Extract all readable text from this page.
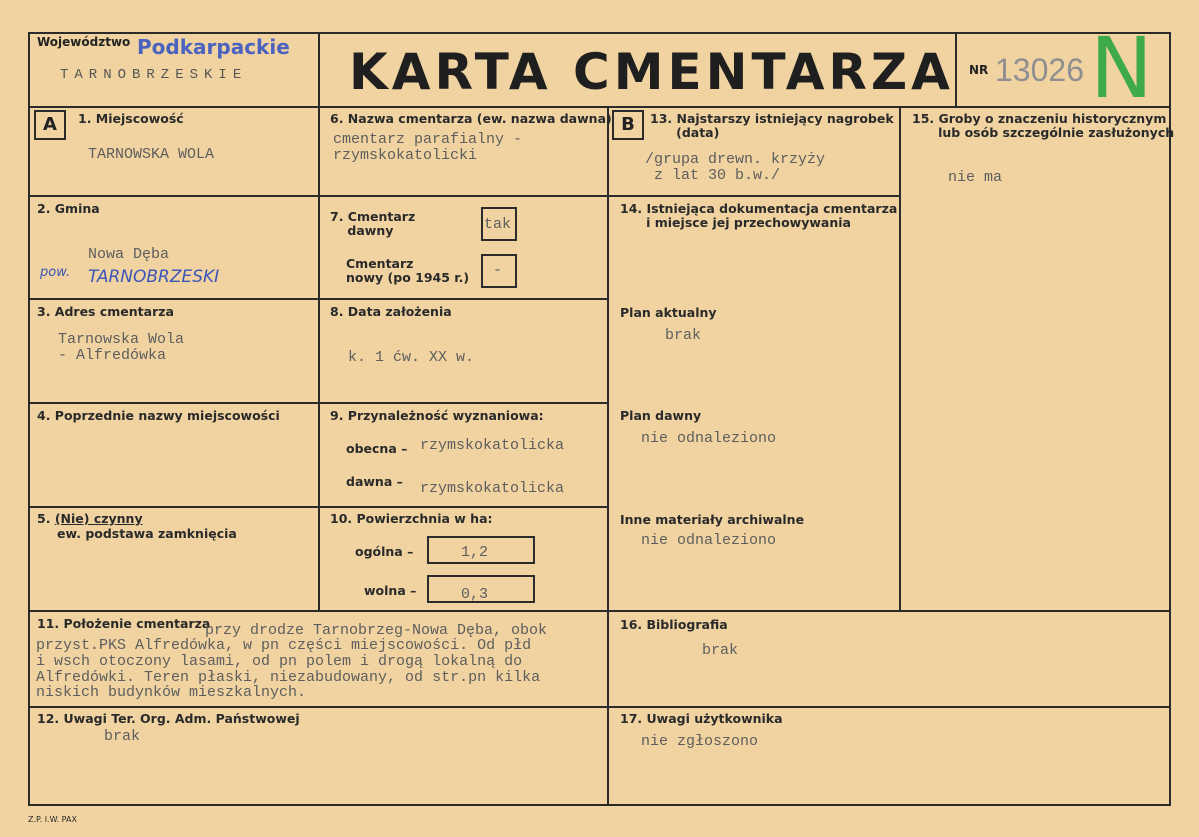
Województwo Podkarpackie
TARNOBRZESKIE KARTA CMENTARZA NR 13026 N
A	1. Miejscowość
TARNOWSKA WOLA
2. Gmina
Nowa Dęba
pow. TARNOBRZESKI
3. Adres cmentarza
Tarnowska Wola
- Alfredówka
4. Poprzednie nazwy miejscowości
5. (Nie) czynny
ew. podstawa zamknięcia
6. Nazwa cmentarza (ew. nazwa dawna)
cmentarz parafialny -
rzymskokatolicki
7. Cmentarz
dawny	tak
Cmentarz
nowy (po 1945 r.) -
8. Data założenia
k. 1 ćw. XX w.
9. Przynależność wyznaniowa:
obecna – rzymskokatolicka
dawna – rzymskokatolicka
10. Powierzchnia w ha:
ogólna –	1,2
wolna –	0,3
B	13. Najstarszy istniejący nagrobek
(data)
/grupa drewn. krzyży
z lat 30 b.w./
14. Istniejąca dokumentacja cmentarza
i miejsce jej przechowywania
Plan aktualny
brak
Plan dawny
nie odnaleziono
Inne materiały archiwalne
nie odnaleziono
15. Groby o znaczeniu historycznym
lub osób szczególnie zasłużonych
nie ma
11. Położenie cmentarza
przy drodze Tarnobrzeg-Nowa Dęba, obok
przyst.PKS Alfredówka, w pn części miejscowości. Od płd
i wsch otoczony lasami, od pn polem i drogą lokalną do
Alfredówki. Teren płaski, niezabudowany, od str.pn kilka
niskich budynków mieszkalnych.
16. Bibliografia
brak
12. Uwagi Ter. Org. Adm. Państwowej
brak
17. Uwagi użytkownika
nie zgłoszono
Z.P. I.W. PAX
